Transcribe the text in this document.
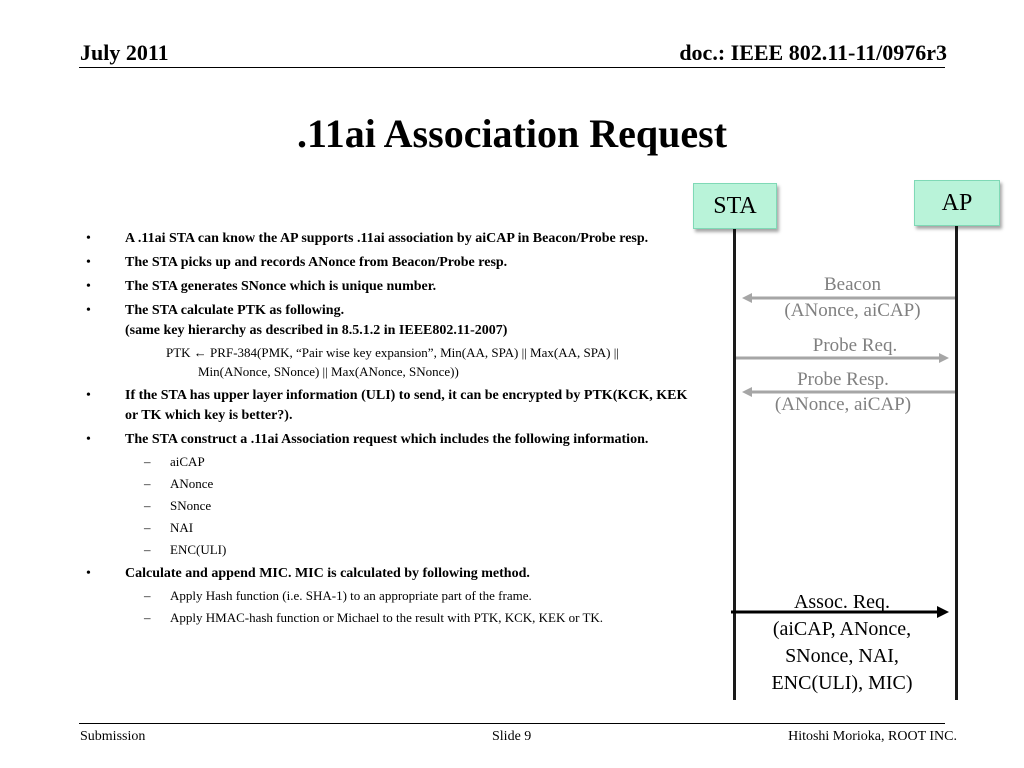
July 2011	doc.: IEEE 802.11-11/0976r3
.11ai Association Request
• A .11ai STA can know the AP supports .11ai association by aiCAP in Beacon/Probe resp.
• The STA picks up and records ANonce from Beacon/Probe resp.
• The STA generates SNonce which is unique number.
• The STA calculate PTK as following.
(same key hierarchy as described in 8.5.1.2 in IEEE802.11-2007)
PTK ← PRF-384(PMK, “Pair wise key expansion”, Min(AA, SPA) || Max(AA, SPA) ||
Min(ANonce, SNonce) || Max(ANonce, SNonce))
• If the STA has upper layer information (ULI) to send, it can be encrypted by PTK(KCK, KEK or TK which key is better?).
• The STA construct a .11ai Association request which includes the following information.
– aiCAP
– ANonce
– SNonce
– NAI
– ENC(ULI)
• Calculate and append MIC. MIC is calculated by following method.
– Apply Hash function (i.e. SHA-1) to an appropriate part of the frame.
– Apply HMAC-hash function or Michael to the result with PTK, KCK, KEK or TK.
STA	AP
Beacon
(ANonce, aiCAP)
Probe Req.
Probe Resp.
(ANonce, aiCAP)
Assoc. Req.
(aiCAP, ANonce,
SNonce, NAI,
ENC(ULI), MIC)
Submission	Slide 9	Hitoshi Morioka, ROOT INC.
